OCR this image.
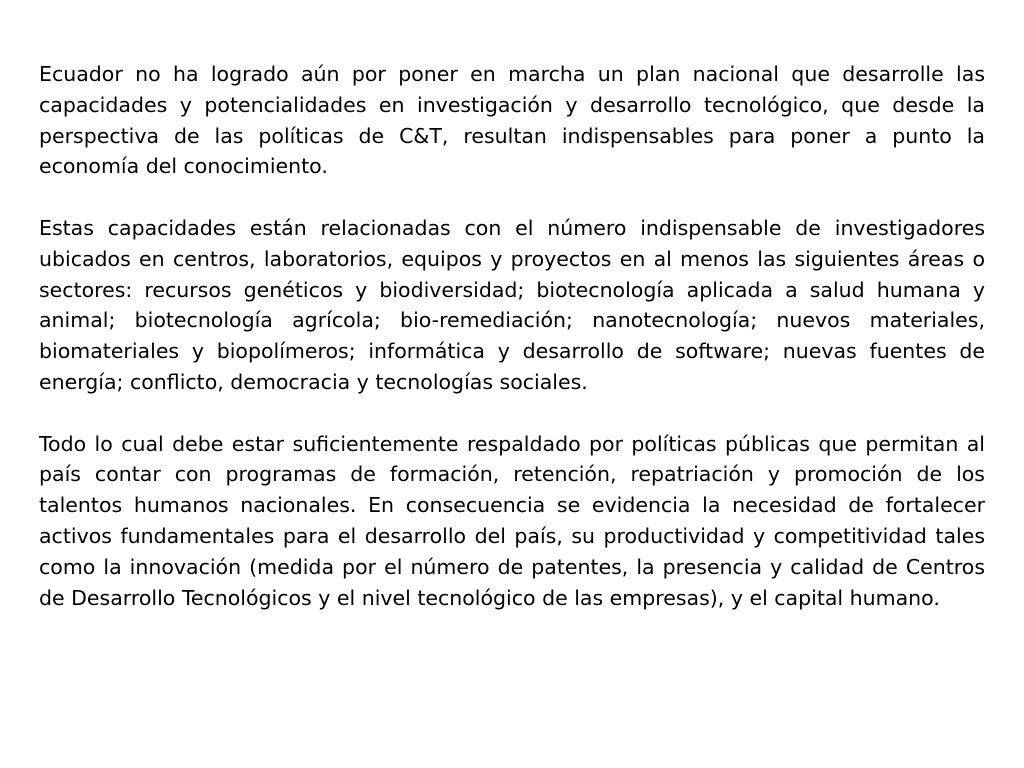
Ecuador no ha logrado aún por poner en marcha un plan nacional que desarrolle las capacidades y potencialidades en investigación y desarrollo tecnológico, que desde la perspectiva de las políticas de C&T, resultan indispensables para poner a punto la economía del conocimiento.

Estas capacidades están relacionadas con el número indispensable de investigadores ubicados en centros, laboratorios, equipos y proyectos en al menos las siguientes áreas o sectores: recursos genéticos y biodiversidad; biotecnología aplicada a salud humana y animal; biotecnología agrícola; bio-remediación; nanotecnología; nuevos materiales, biomateriales y biopolímeros; informática y desarrollo de software; nuevas fuentes de energía; conflicto, democracia y tecnologías sociales.

Todo lo cual debe estar suficientemente respaldado por políticas públicas que permitan al país contar con programas de formación, retención, repatriación y promoción de los talentos humanos nacionales. En consecuencia se evidencia la necesidad de fortalecer activos fundamentales para el desarrollo del país, su productividad y competitividad tales como la innovación (medida por el número de patentes, la presencia y calidad de Centros de Desarrollo Tecnológicos y el nivel tecnológico de las empresas), y el capital humano.
